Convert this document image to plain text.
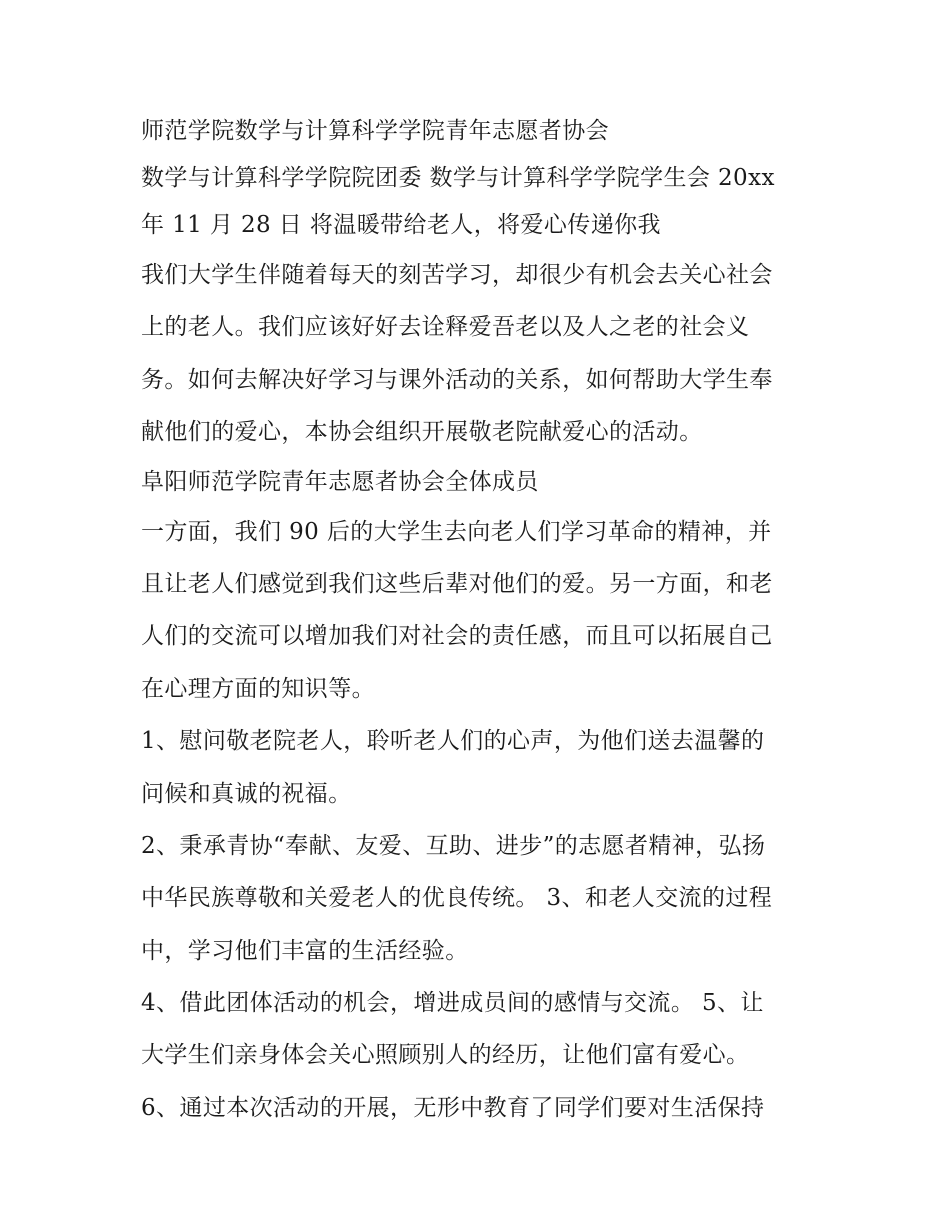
师范学院数学与计算科学学院青年志愿者协会
数学与计算科学学院院团委 数学与计算科学学院学生会 20xx
年 11 月 28 日 将温暖带给老人，将爱心传递你我
我们大学生伴随着每天的刻苦学习，却很少有机会去关心社会
上的老人。我们应该好好去诠释爱吾老以及人之老的社会义
务。如何去解决好学习与课外活动的关系，如何帮助大学生奉
献他们的爱心，本协会组织开展敬老院献爱心的活动。
阜阳师范学院青年志愿者协会全体成员
一方面，我们 90 后的大学生去向老人们学习革命的精神，并
且让老人们感觉到我们这些后辈对他们的爱。另一方面，和老
人们的交流可以增加我们对社会的责任感，而且可以拓展自己
在心理方面的知识等。
1、慰问敬老院老人，聆听老人们的心声，为他们送去温馨的
问候和真诚的祝福。
2、秉承青协“奉献、友爱、互助、进步”的志愿者精神，弘扬
中华民族尊敬和关爱老人的优良传统。 3、和老人交流的过程
中，学习他们丰富的生活经验。
4、借此团体活动的机会，增进成员间的感情与交流。 5、让
大学生们亲身体会关心照顾别人的经历，让他们富有爱心。
6、通过本次活动的开展，无形中教育了同学们要对生活保持
